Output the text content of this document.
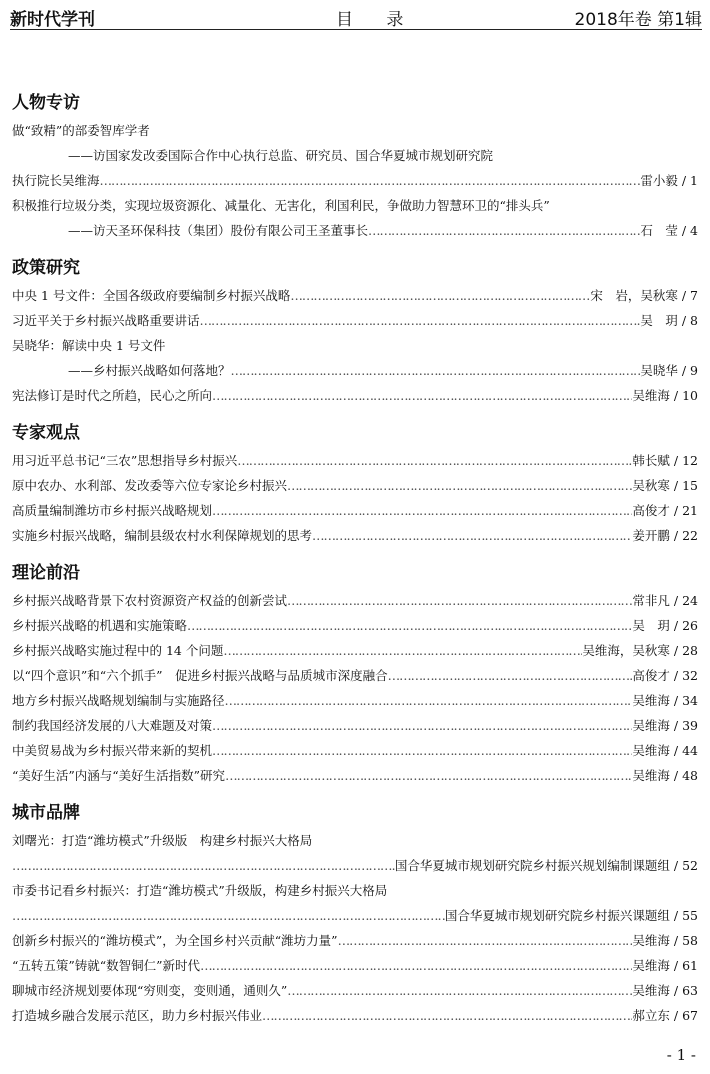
新时代学刊	目 录	2018年卷 第1辑
人物专访
做“致精”的部委智库学者
——访国家发改委国际合作中心执行总监、研究员、国合华夏城市规划研究院
执行院长吴维海 …………………………………………………………………………………………………………………………………………	雷小毅 / 1
积极推行垃圾分类，实现垃圾资源化、减量化、无害化，利国利民，争做助力智慧环卫的“排头兵”
——访天圣环保科技（集团）股份有限公司王圣董事长 …………………………………………………………………………………………………………………………………………	石　莹 / 4
政策研究
中央 1 号文件：全国各级政府要编制乡村振兴战略 …………………………………………………………………………………………………………………………………………	宋　岩，吴秋寒 / 7
习近平关于乡村振兴战略重要讲话 …………………………………………………………………………………………………………………………………………	吴　玥 / 8
吴晓华：解读中央 1 号文件
——乡村振兴战略如何落地？ …………………………………………………………………………………………………………………………………………	吴晓华 / 9
宪法修订是时代之所趋，民心之所向 …………………………………………………………………………………………………………………………………………	吴维海 / 10
专家观点
用习近平总书记“三农”思想指导乡村振兴 …………………………………………………………………………………………………………………………………………	韩长赋 / 12
原中农办、水利部、发改委等六位专家论乡村振兴 …………………………………………………………………………………………………………………………………………	吴秋寒 / 15
高质量编制潍坊市乡村振兴战略规划 …………………………………………………………………………………………………………………………………………	高俊才 / 21
实施乡村振兴战略，编制县级农村水利保障规划的思考 …………………………………………………………………………………………………………………………………………	姜开鹏 / 22
理论前沿
乡村振兴战略背景下农村资源资产权益的创新尝试 …………………………………………………………………………………………………………………………………………	常非凡 / 24
乡村振兴战略的机遇和实施策略 …………………………………………………………………………………………………………………………………………	吴　玥 / 26
乡村振兴战略实施过程中的 14 个问题 …………………………………………………………………………………………………………………………………………	吴维海，吴秋寒 / 28
以“四个意识”和“六个抓手”　促进乡村振兴战略与品质城市深度融合 …………………………………………………………………………………………………………………………………………	高俊才 / 32
地方乡村振兴战略规划编制与实施路径 …………………………………………………………………………………………………………………………………………	吴维海 / 34
制约我国经济发展的八大难题及对策 …………………………………………………………………………………………………………………………………………	吴维海 / 39
中美贸易战为乡村振兴带来新的契机 …………………………………………………………………………………………………………………………………………	吴维海 / 44
“美好生活”内涵与“美好生活指数”研究 …………………………………………………………………………………………………………………………………………	吴维海 / 48
城市品牌
刘曙光：打造“潍坊模式”升级版　构建乡村振兴大格局
…………………………………………………………………………………………………………………………………………
国合华夏城市规划研究院乡村振兴规划编制课题组 / 52
市委书记看乡村振兴：打造“潍坊模式”升级版，构建乡村振兴大格局
…………………………………………………………………………………………………………………………………………
国合华夏城市规划研究院乡村振兴课题组 / 55
创新乡村振兴的“潍坊模式”，为全国乡村兴贡献“潍坊力量” …………………………………………………………………………………………………………………………………………	吴维海 / 58
“五转五策”铸就“数智铜仁”新时代 …………………………………………………………………………………………………………………………………………	吴维海 / 61
聊城市经济规划要体现“穷则变，变则通，通则久” …………………………………………………………………………………………………………………………………………	吴维海 / 63
打造城乡融合发展示范区，助力乡村振兴伟业 …………………………………………………………………………………………………………………………………………	郝立东 / 67
- 1 -
